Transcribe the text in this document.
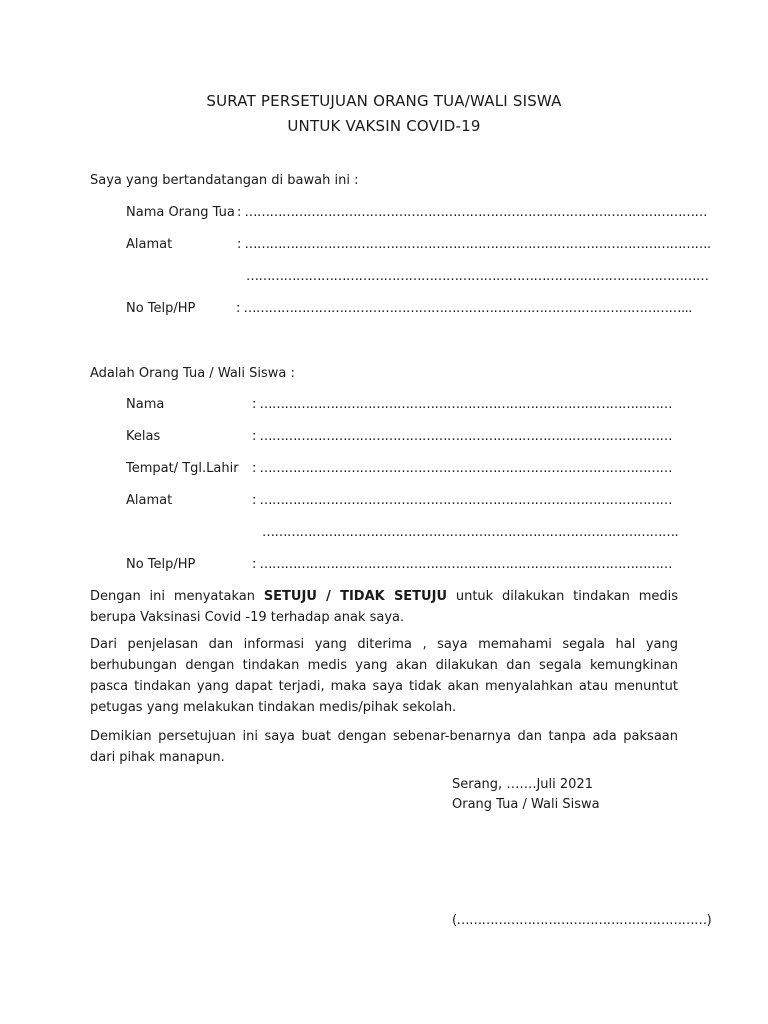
SURAT PERSETUJUAN ORANG TUA/WALI SISWA
UNTUK VAKSIN COVID-19
Saya yang bertandatangan di bawah ini :
Nama Orang Tua : …………………………………………………………………………………………………
Alamat	: ………………………………………………………………………………………………….
…………………………………………………………………………………………………
No Telp/HP	: ……………………………………………………………………………………………...
Adalah Orang Tua / Wali Siswa :
Nama	: ………………………………………………………………………………………
Kelas	: ………………………………………………………………………………………
Tempat/ Tgl.Lahir : ………………………………………………………………………………………
Alamat	: ………………………………………………………………………………………
……………………………………………………………………………………….
No Telp/HP	: ………………………………………………………………………………………
Dengan ini menyatakan SETUJU / TIDAK SETUJU untuk dilakukan tindakan medis berupa Vaksinasi Covid -19 terhadap anak saya.
Dari penjelasan dan informasi yang diterima , saya memahami segala hal yang berhubungan dengan tindakan medis yang akan dilakukan dan segala kemungkinan pasca tindakan yang dapat terjadi, maka saya tidak akan menyalahkan atau menuntut petugas yang melakukan tindakan medis/pihak sekolah.
Demikian persetujuan ini saya buat dengan sebenar-benarnya dan tanpa ada paksaan dari pihak manapun.
Serang, …….Juli 2021
Orang Tua / Wali Siswa
(……………………………………………………)
